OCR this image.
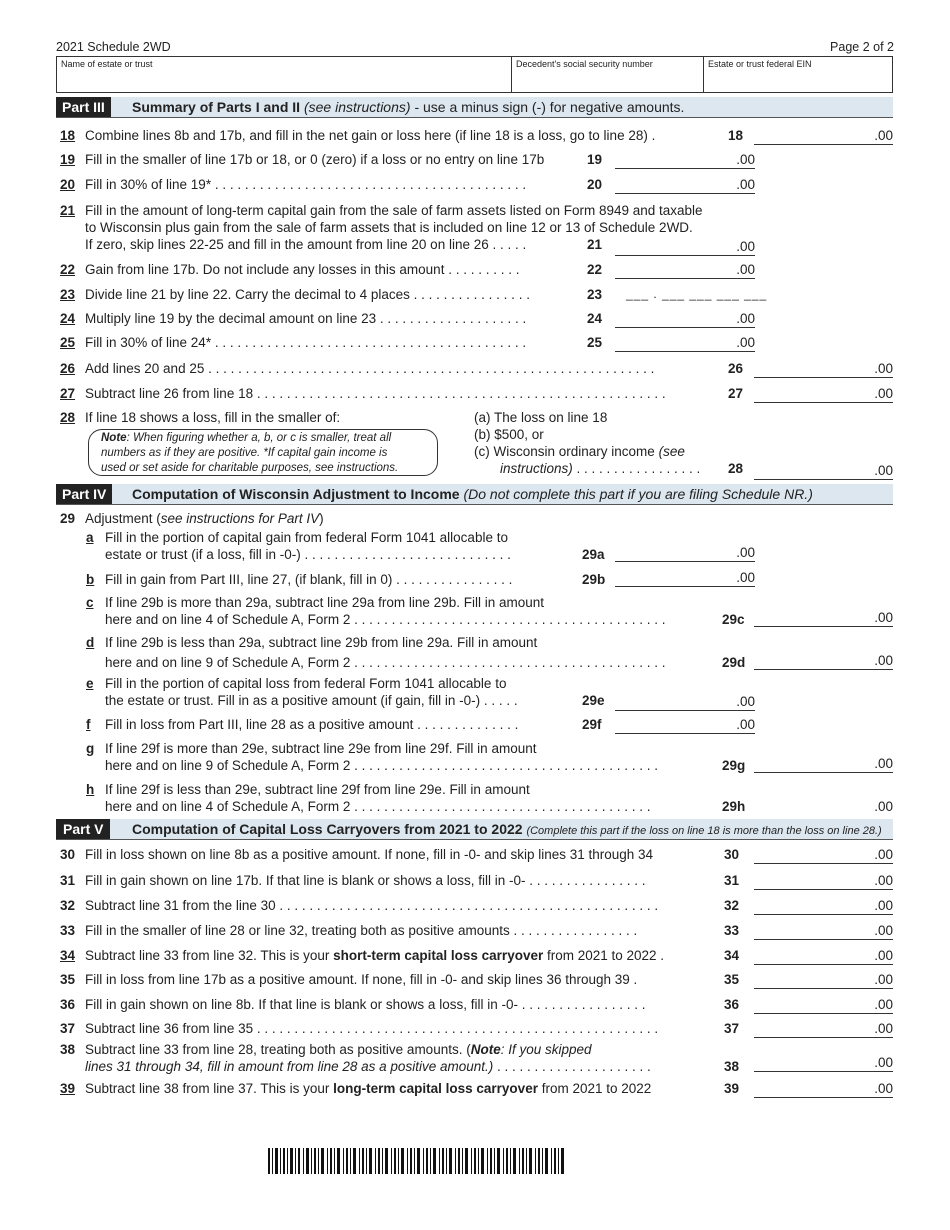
2021 Schedule 2WD	Page 2 of 2
Name of estate or trust	Decedent's social security number	Estate or trust federal EIN
Part III	Summary of Parts I and II (see instructions) - use a minus sign (-) for negative amounts.
18 Combine lines 8b and 17b, and fill in the net gain or loss here (if line 18 is a loss, go to line 28) .	18	.00
19 Fill in the smaller of line 17b or 18, or 0 (zero) if a loss or no entry on line 17b	19	.00
20 Fill in 30% of line 19* . . . . . . . . . . . . . . . . . . . . . . . . . . . . . . . . . . . . . . . . . .	20	.00
21 Fill in the amount of long-term capital gain from the sale of farm assets listed on Form 8949 and taxable
to Wisconsin plus gain from the sale of farm assets that is included on line 12 or 13 of Schedule 2WD.
If zero, skip lines 22-25 and fill in the amount from line 20 on line 26 . . . . .	21	.00
22 Gain from line 17b. Do not include any losses in this amount . . . . . . . . . .	22	.00
23 Divide line 21 by line 22. Carry the decimal to 4 places . . . . . . . . . . . . . . . .	23 ___ . ___ ___ ___ ___
24 Multiply line 19 by the decimal amount on line 23 . . . . . . . . . . . . . . . . . . . .	24	.00
25 Fill in 30% of line 24* . . . . . . . . . . . . . . . . . . . . . . . . . . . . . . . . . . . . . . . . . .	25	.00
26 Add lines 20 and 25 . . . . . . . . . . . . . . . . . . . . . . . . . . . . . . . . . . . . . . . . . . . . . . . . . . . . . . . . . . . .	26	.00
27 Subtract line 26 from line 18 . . . . . . . . . . . . . . . . . . . . . . . . . . . . . . . . . . . . . . . . . . . . . . . . . . . . . . .	27	.00
28 If line 18 shows a loss, fill in the smaller of:	(a) The loss on line 18
(b) $500, or
(c) Wisconsin ordinary income (see
instructions) . . . . . . . . . . . . . . . . . 28	.00
Note: When figuring whether a, b, or c is smaller, treat all
numbers as if they are positive. *If capital gain income is
used or set aside for charitable purposes, see instructions.
Part IV	Computation of Wisconsin Adjustment to Income (Do not complete this part if you are filing Schedule NR.)
29 Adjustment (see instructions for Part IV)
a Fill in the portion of capital gain from federal Form 1041 allocable to
estate or trust (if a loss, fill in -0-) . . . . . . . . . . . . . . . . . . . . . . . . . . . .	29a	.00
b Fill in gain from Part III, line 27, (if blank, fill in 0) . . . . . . . . . . . . . . . .	29b	.00
c If line 29b is more than 29a, subtract line 29a from line 29b. Fill in amount
here and on line 4 of Schedule A, Form 2 . . . . . . . . . . . . . . . . . . . . . . . . . . . . . . . . . . . . . . . . . .	29c	.00
d If line 29b is less than 29a, subtract line 29b from line 29a. Fill in amount
here and on line 9 of Schedule A, Form 2 . . . . . . . . . . . . . . . . . . . . . . . . . . . . . . . . . . . . . . . . . .	29d	.00
e Fill in the portion of capital loss from federal Form 1041 allocable to
the estate or trust. Fill in as a positive amount (if gain, fill in -0-) . . . . .	29e	.00
f Fill in loss from Part III, line 28 as a positive amount . . . . . . . . . . . . . .	29f	.00
g If line 29f is more than 29e, subtract line 29e from line 29f. Fill in amount
here and on line 9 of Schedule A, Form 2 . . . . . . . . . . . . . . . . . . . . . . . . . . . . . . . . . . . . . . . . .	29g	.00
h If line 29f is less than 29e, subtract line 29f from line 29e. Fill in amount
here and on line 4 of Schedule A, Form 2 . . . . . . . . . . . . . . . . . . . . . . . . . . . . . . . . . . . . . . . .	29h	.00
Part V	Computation of Capital Loss Carryovers from 2021 to 2022 (Complete this part if the loss on line 18 is more than the loss on line 28.)
30 Fill in loss shown on line 8b as a positive amount. If none, fill in -0- and skip lines 31 through 34	30	.00
31 Fill in gain shown on line 17b. If that line is blank or shows a loss, fill in -0- . . . . . . . . . . . . . . . .	31	.00
32 Subtract line 31 from the line 30 . . . . . . . . . . . . . . . . . . . . . . . . . . . . . . . . . . . . . . . . . . . . . . . . . . .	32	.00
33 Fill in the smaller of line 28 or line 32, treating both as positive amounts . . . . . . . . . . . . . . . . .	33	.00
34 Subtract line 33 from line 32. This is your short-term capital loss carryover from 2021 to 2022 .	34	.00
35 Fill in loss from line 17b as a positive amount. If none, fill in -0- and skip lines 36 through 39 .	35	.00
36 Fill in gain shown on line 8b. If that line is blank or shows a loss, fill in -0- . . . . . . . . . . . . . . . . .	36	.00
37 Subtract line 36 from line 35 . . . . . . . . . . . . . . . . . . . . . . . . . . . . . . . . . . . . . . . . . . . . . . . . . . . . . .	37	.00
38 Subtract line 33 from line 28, treating both as positive amounts. (Note: If you skipped
lines 31 through 34, fill in amount from line 28 as a positive amount.) . . . . . . . . . . . . . . . . . . . . .	38	.00
39 Subtract line 38 from line 37. This is your long-term capital loss carryover from 2021 to 2022	39	.00
